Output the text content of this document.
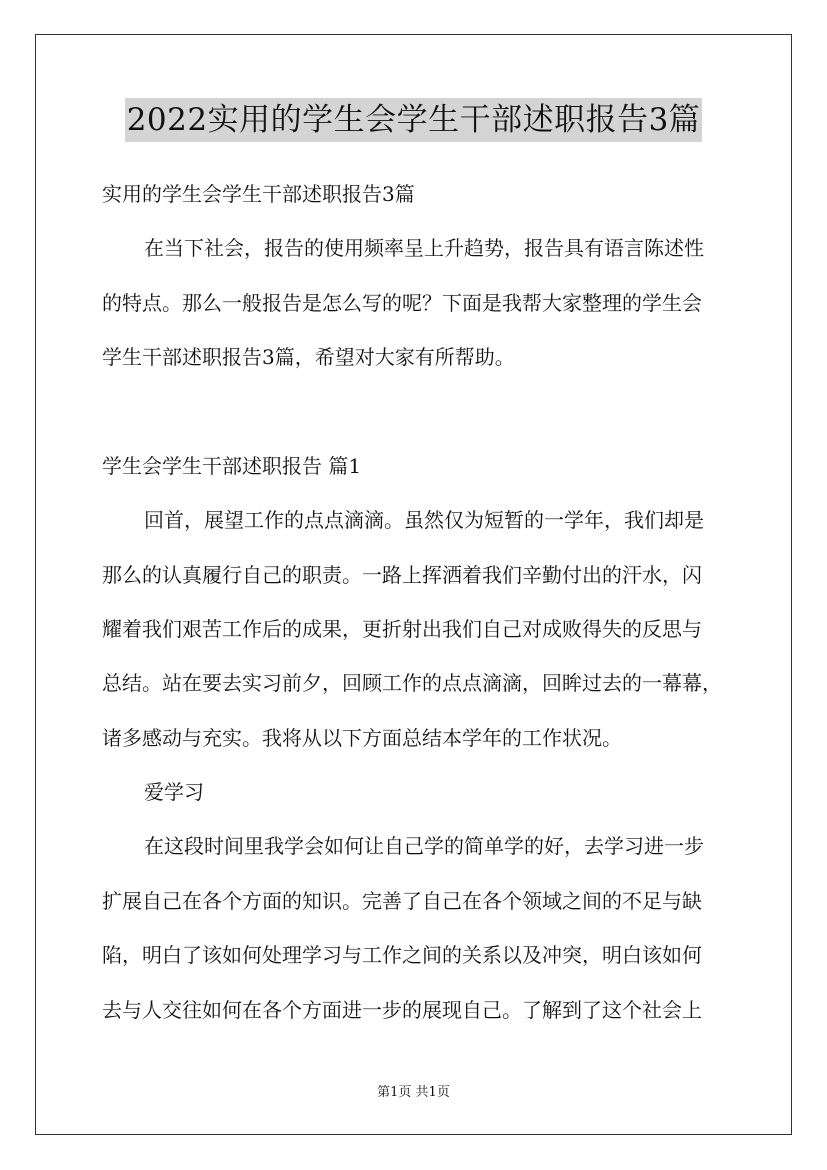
2022实用的学生会学生干部述职报告3篇
实用的学生会学生干部述职报告3篇
在当下社会，报告的使用频率呈上升趋势，报告具有语言陈述性
的特点。那么一般报告是怎么写的呢？下面是我帮大家整理的学生会
学生干部述职报告3篇，希望对大家有所帮助。
学生会学生干部述职报告 篇1
回首，展望工作的点点滴滴。虽然仅为短暂的一学年，我们却是
那么的认真履行自己的职责。一路上挥洒着我们辛勤付出的汗水，闪
耀着我们艰苦工作后的成果，更折射出我们自己对成败得失的反思与
总结。站在要去实习前夕，回顾工作的点点滴滴，回眸过去的一幕幕，
诸多感动与充实。我将从以下方面总结本学年的工作状况。
爱学习
在这段时间里我学会如何让自己学的简单学的好，去学习进一步
扩展自己在各个方面的知识。完善了自己在各个领域之间的不足与缺
陷，明白了该如何处理学习与工作之间的关系以及冲突，明白该如何
去与人交往如何在各个方面进一步的展现自己。了解到了这个社会上
第1页 共1页
